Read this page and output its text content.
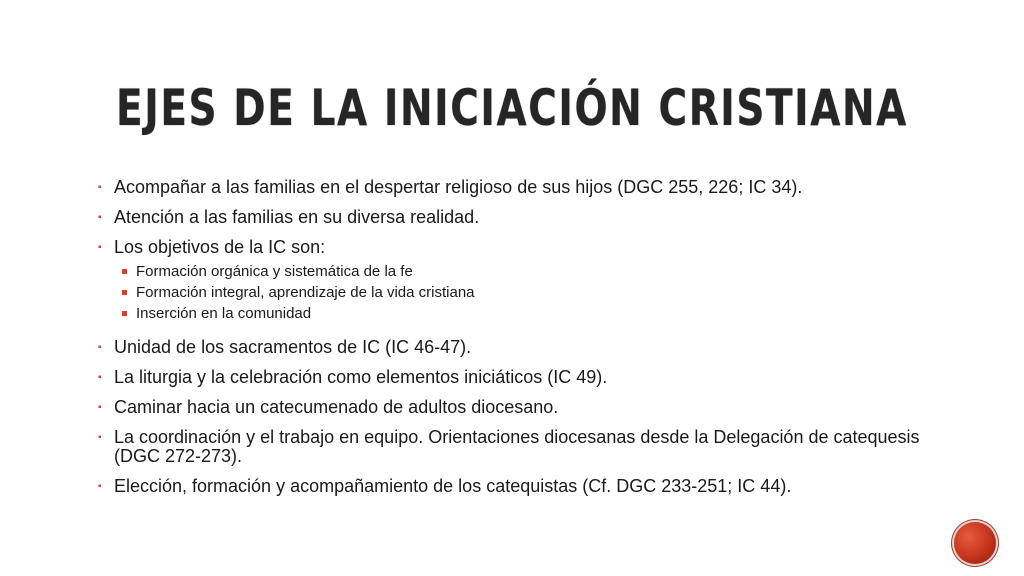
EJES DE LA INICIACIÓN CRISTIANA
▪ Acompañar a las familias en el despertar religioso de sus hijos (DGC 255, 226; IC 34).
▪ Atención a las familias en su diversa realidad.
▪ Los objetivos de la IC son:
Formación orgánica y sistemática de la fe
Formación integral, aprendizaje de la vida cristiana
Inserción en la comunidad
▪ Unidad de los sacramentos de IC (IC 46-47).
▪ La liturgia y la celebración como elementos iniciáticos (IC 49).
▪ Caminar hacia un catecumenado de adultos diocesano.
▪ La coordinación y el trabajo en equipo. Orientaciones diocesanas desde la Delegación de catequesis (DGC 272-273).
▪ Elección, formación y acompañamiento de los catequistas (Cf. DGC 233-251; IC 44).
